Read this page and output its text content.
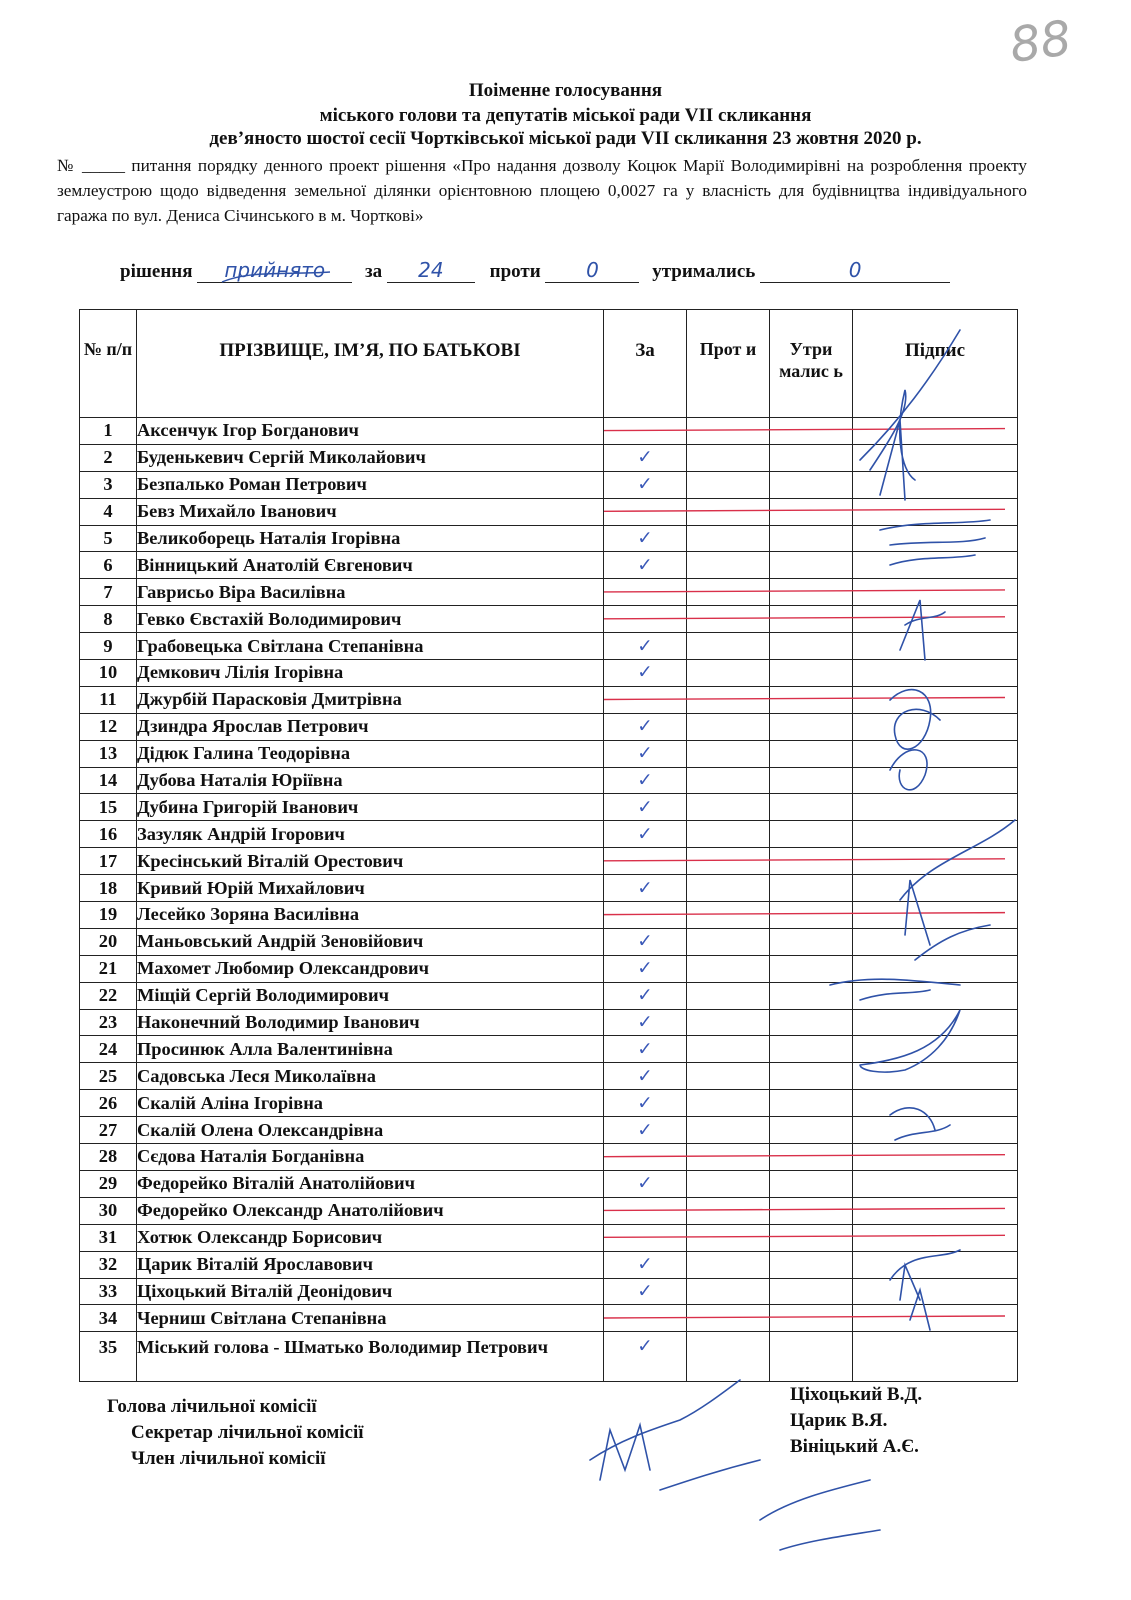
88
Поіменне голосування
міського голови та депутатів міської ради VII скликання
дев’яносто шостої сесії Чортківської міської ради VII скликання 23 жовтня 2020 р.
№ _____ питання порядку денного проект рішення «Про надання дозволу Коцюк Марії Володимирівні на розроблення проекту землеустрою щодо відведення земельної ділянки орієнтовною площею 0,0027 га у власність для будівництва індивідуального гаража по вул. Дениса Січинського в м. Чорткові»
рішення прийнято за 24 проти 0	утримались	0
№ п/п	ПРІЗВИЩЕ, ІМ’Я, ПО БАТЬКОВІ	За	Прот и	Утри малис ь	Підпис
1	Аксенчук Ігор Богданович				
2	Буденькевич Сергій Миколайович	✓			
3	Безпалько Роман Петрович	✓			
4	Бевз Михайло Іванович				
5	Великоборець Наталія Ігорівна	✓			
6	Вінницький Анатолій Євгенович	✓			
7	Гаврисьо Віра Василівна				
8	Гевко Євстахій Володимирович				
9	Грабовецька Світлана Степанівна	✓			
10	Демкович Лілія Ігорівна	✓			
11	Джурбій Парасковія Дмитрівна				
12	Дзиндра Ярослав Петрович	✓			
13	Дідюк Галина Теодорівна	✓			
14	Дубова Наталія Юріївна	✓			
15	Дубина Григорій Іванович	✓			
16	Зазуляк Андрій Ігорович	✓			
17	Кресінський Віталій Орестович				
18	Кривий Юрій Михайлович	✓			
19	Лесейко Зоряна Василівна				
20	Маньовський Андрій Зеновійович	✓			
21	Махомет Любомир Олександрович	✓			
22	Міщій Сергій Володимирович	✓			
23	Наконечний Володимир Іванович	✓			
24	Просинюк Алла Валентинівна	✓			
25	Садовська Леся Миколаївна	✓			
26	Скалій Аліна Ігорівна	✓			
27	Скалій Олена Олександрівна	✓			
28	Сєдова Наталія Богданівна				
29	Федорейко Віталій Анатолійович	✓			
30	Федорейко Олександр Анатолійович				
31	Хотюк Олександр Борисович				
32	Царик Віталій Ярославович	✓			
33	Ціхоцький Віталій Деонідович	✓			
34	Черниш Світлана Степанівна				
35	Міський голова - Шматько Володимир Петрович	✓			
Голова лічильної комісії
Секретар лічильної комісії
Член лічильної комісії
Ціхоцький В.Д.
Царик В.Я.
Вініцький А.Є.
